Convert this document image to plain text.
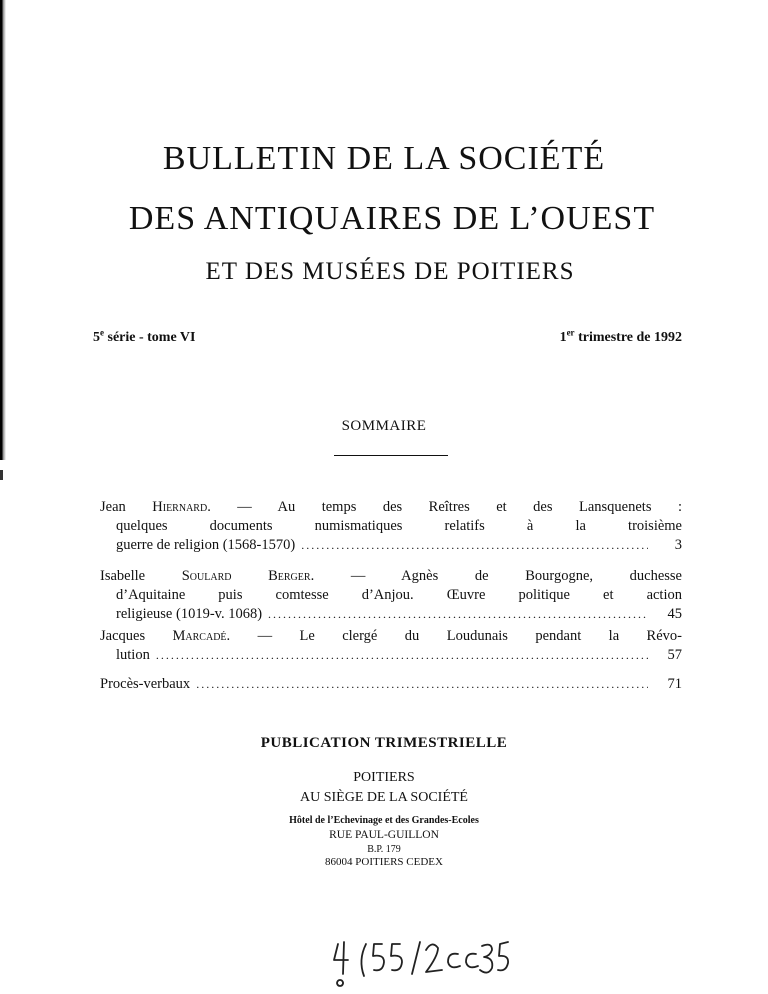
BULLETIN DE LA SOCIÉTÉ
DES ANTIQUAIRES DE L’OUEST
ET DES MUSÉES DE POITIERS
5e série - tome VI	1er trimestre de 1992
SOMMAIRE
Jean Hiernard. — Au temps des Reîtres et des Lansquenets :
quelques documents numismatiques relatifs à la troisième
guerre de religion (1568-1570) .....	3
Isabelle Soulard Berger. — Agnès de Bourgogne, duchesse
d’Aquitaine puis comtesse d’Anjou. Œuvre politique et action
religieuse (1019-v. 1068) .....	45
Jacques Marcadé. — Le clergé du Loudunais pendant la Révo-
lution .....	57
Procès-verbaux .....	71
PUBLICATION TRIMESTRIELLE
POITIERS
AU SIÈGE DE LA SOCIÉTÉ
Hôtel de l’Echevinage et des Grandes-Ecoles
RUE PAUL-GUILLON
B.P. 179
86004 POITIERS CEDEX
